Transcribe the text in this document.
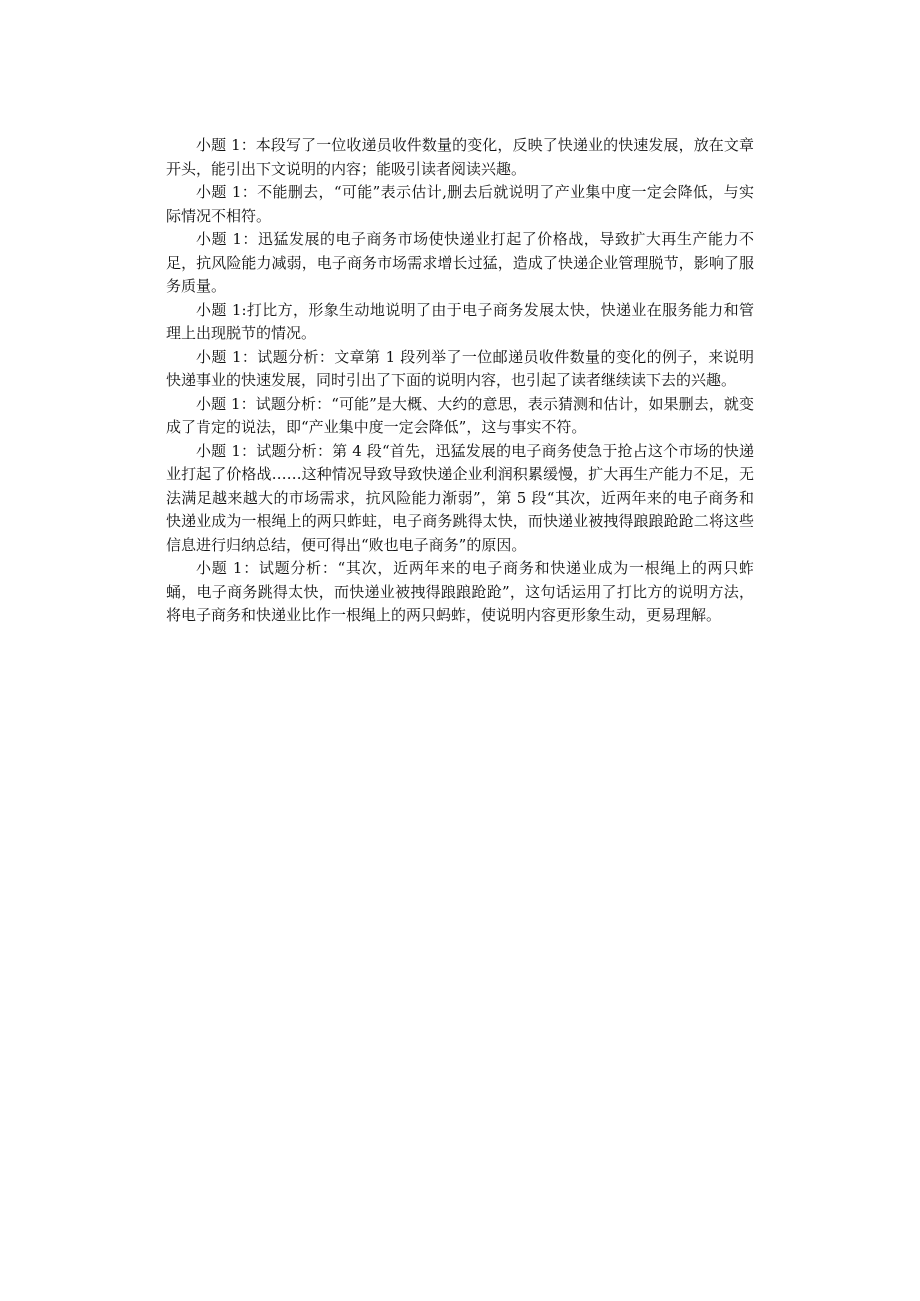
小题 1：本段写了一位收递员收件数量的变化，反映了快递业的快速发展，放在文章开头，能引出下文说明的内容；能吸引读者阅读兴趣。

小题 1：不能删去，“可能”表示估计,删去后就说明了产业集中度一定会降低，与实际情况不相符。

小题 1：迅猛发展的电子商务市场使快递业打起了价格战，导致扩大再生产能力不足，抗风险能力减弱，电子商务市场需求增长过猛，造成了快递企业管理脱节，影响了服务质量。

小题 1:打比方，形象生动地说明了由于电子商务发展太快，快递业在服务能力和管理上出现脱节的情况。

小题 1：试题分析：文章第 1 段列举了一位邮递员收件数量的变化的例子，来说明快递事业的快速发展，同时引出了下面的说明内容，也引起了读者继续读下去的兴趣。

小题 1：试题分析：“可能”是大概、大约的意思，表示猜测和估计，如果删去，就变成了肯定的说法，即“产业集中度一定会降低”，这与事实不符。

小题 1：试题分析：第 4 段“首先，迅猛发展的电子商务使急于抢占这个市场的快递业打起了价格战……这种情况导致导致快递企业利润积累缓慢，扩大再生产能力不足，无法满足越来越大的市场需求，抗风险能力渐弱”，第 5 段“其次，近两年来的电子商务和快递业成为一根绳上的两只蚱蛀，电子商务跳得太快，而快递业被拽得踉踉跄跄二将这些信息进行归纳总结，便可得出“败也电子商务”的原因。

小题 1：试题分析：“其次，近两年来的电子商务和快递业成为一根绳上的两只蚱蛹，电子商务跳得太快，而快递业被拽得踉踉跄跄”，这句话运用了打比方的说明方法，将电子商务和快递业比作一根绳上的两只蚂蚱，使说明内容更形象生动，更易理解。
